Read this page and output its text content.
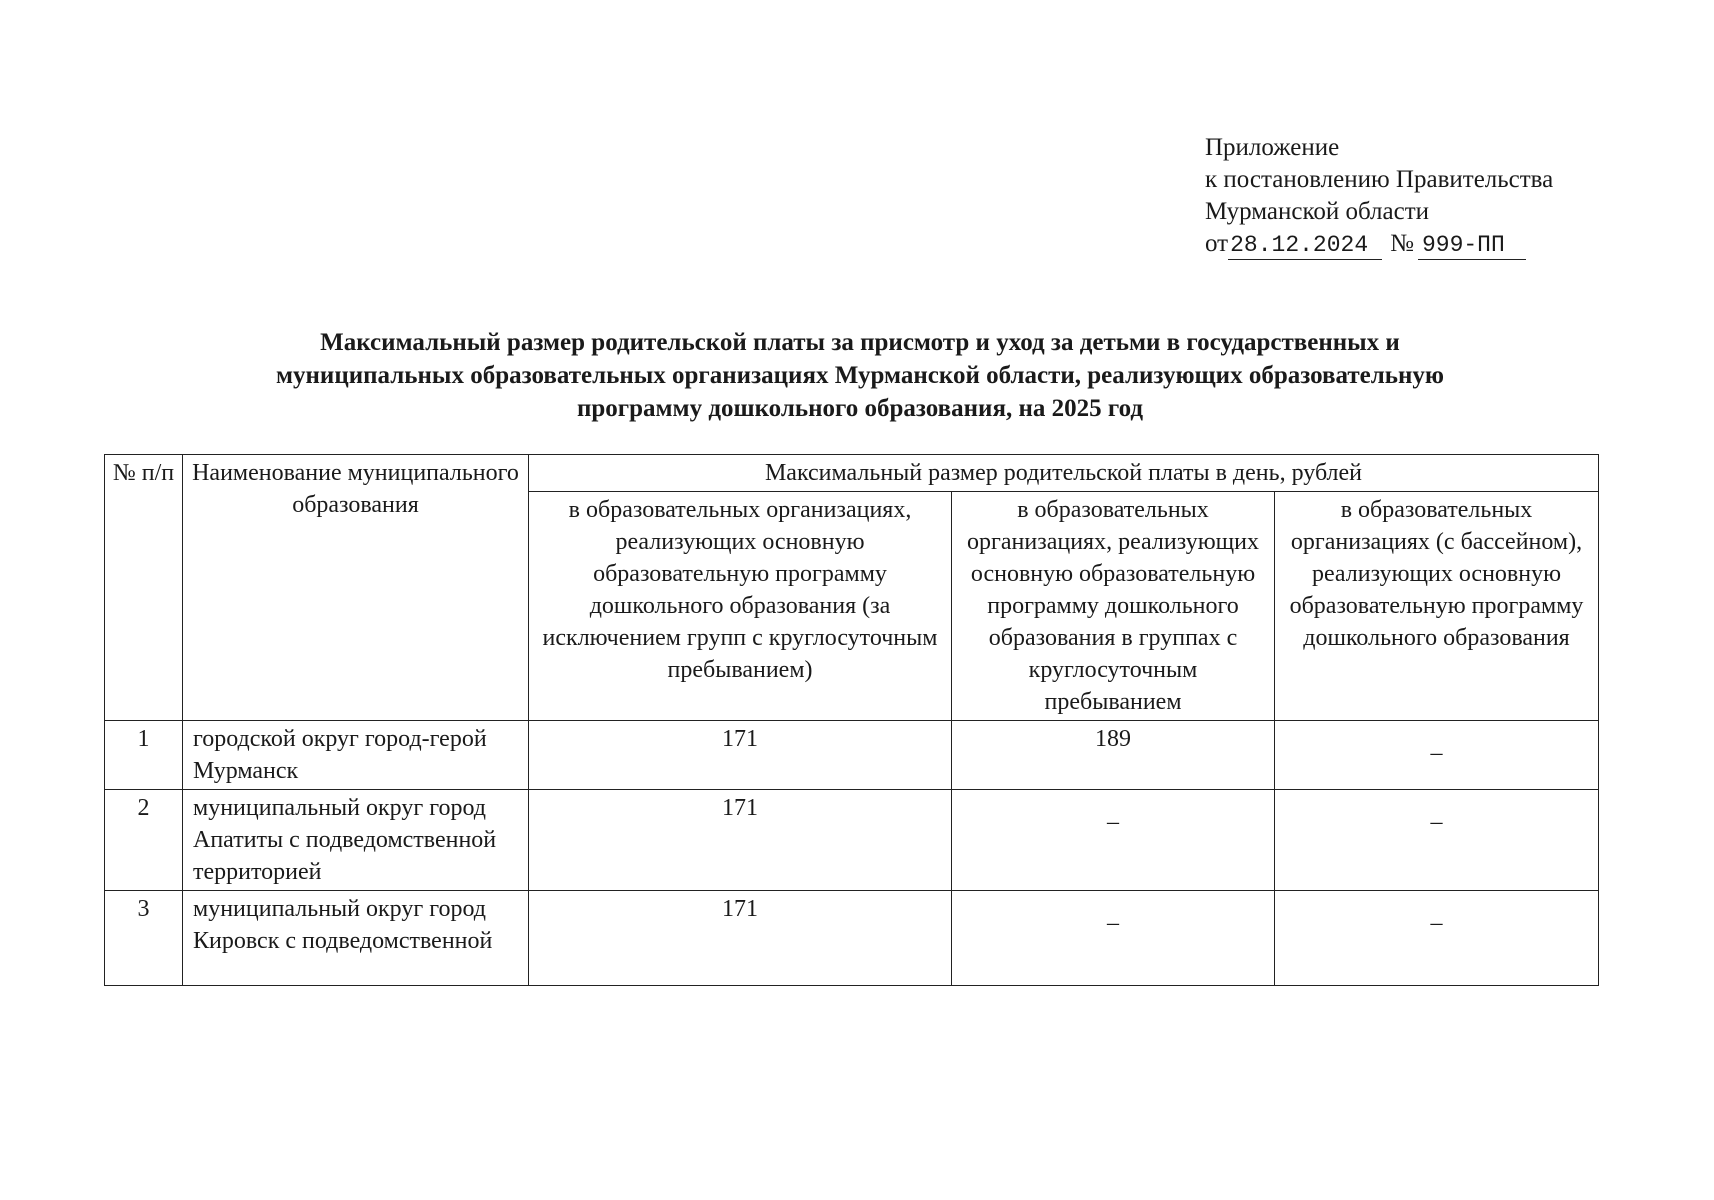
Приложение
к постановлению Правительства
Мурманской области
от 28.12.2024 № 999-ПП
Максимальный размер родительской платы за присмотр и уход за детьми в государственных и
муниципальных образовательных организациях Мурманской области, реализующих образовательную
программу дошкольного образования, на 2025 год
№ п/п	Наименование муниципального образования	Максимальный размер родительской платы в день, рублей		
		в образовательных организациях, реализующих основную образовательную программу дошкольного образования (за исключением групп с круглосуточным пребыванием)	в образовательных организациях, реализующих основную образовательную программу дошкольного образования в группах с круглосуточным пребыванием	в образовательных организациях (с бассейном), реализующих основную образовательную программу дошкольного образования
1	городской округ город-герой Мурманск	171	189	–
2	муниципальный округ город Апатиты с подведомственной территорией	171	–	–
3	муниципальный округ город Кировск с подведомственной	171	–	–
